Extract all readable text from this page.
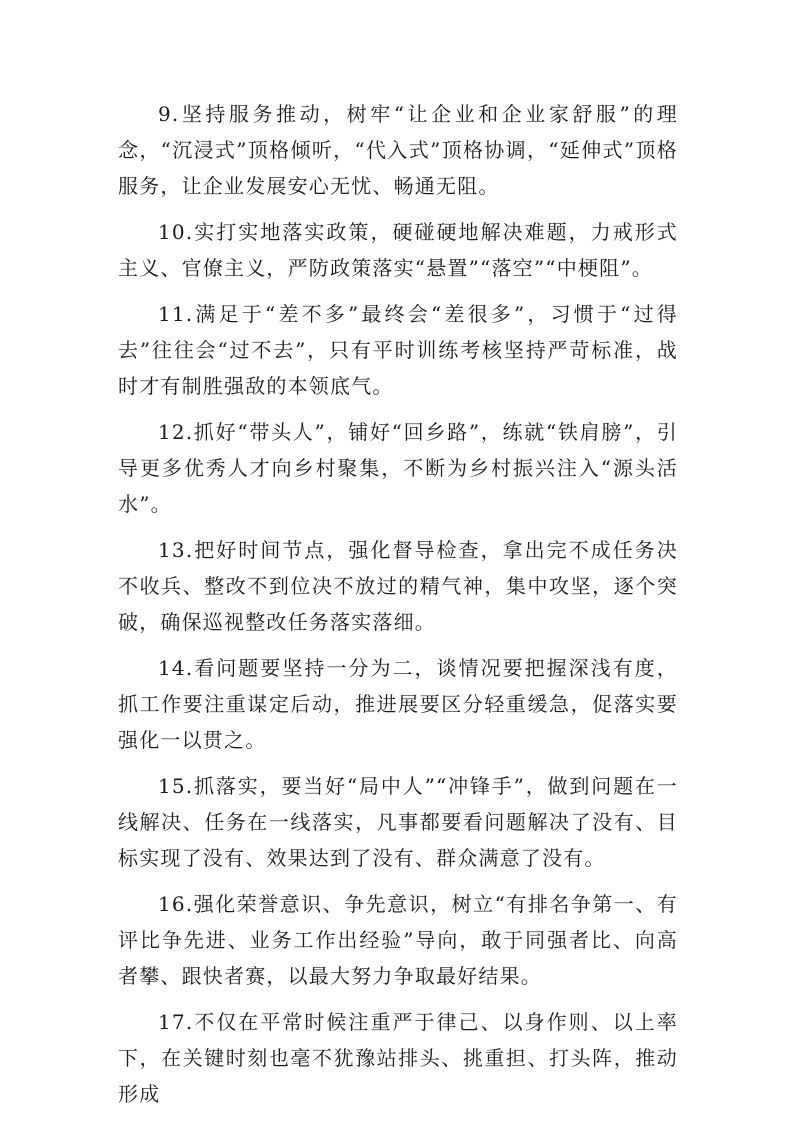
9.坚持服务推动，树牢“让企业和企业家舒服”的理念，“沉浸式”顶格倾听，“代入式”顶格协调，“延伸式”顶格服务，让企业发展安心无忧、畅通无阻。

10.实打实地落实政策，硬碰硬地解决难题，力戒形式主义、官僚主义，严防政策落实“悬置”“落空”“中梗阻”。

11.满足于“差不多”最终会“差很多”，习惯于“过得去”往往会“过不去”，只有平时训练考核坚持严苛标准，战时才有制胜强敌的本领底气。

12.抓好“带头人”，铺好“回乡路”，练就“铁肩膀”，引导更多优秀人才向乡村聚集，不断为乡村振兴注入“源头活水”。

13.把好时间节点，强化督导检查，拿出完不成任务决不收兵、整改不到位决不放过的精气神，集中攻坚，逐个突破，确保巡视整改任务落实落细。

14.看问题要坚持一分为二，谈情况要把握深浅有度，抓工作要注重谋定后动，推进展要区分轻重缓急，促落实要强化一以贯之。

15.抓落实，要当好“局中人”“冲锋手”，做到问题在一线解决、任务在一线落实，凡事都要看问题解决了没有、目标实现了没有、效果达到了没有、群众满意了没有。

16.强化荣誉意识、争先意识，树立“有排名争第一、有评比争先进、业务工作出经验”导向，敢于同强者比、向高者攀、跟快者赛，以最大努力争取最好结果。

17.不仅在平常时候注重严于律己、以身作则、以上率下，在关键时刻也毫不犹豫站排头、挑重担、打头阵，推动形成
